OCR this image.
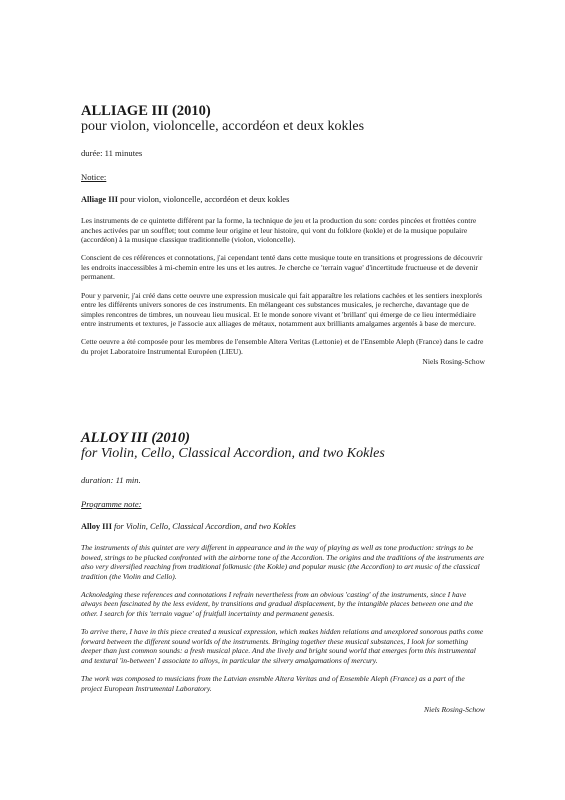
ALLIAGE III (2010)
pour violon, violoncelle, accordéon et deux kokles
durée: 11 minutes
Notice:
Alliage III pour violon, violoncelle, accordéon et deux kokles

Les instruments de ce quintette différent par la forme, la technique de jeu et la production du son: cordes pincées et frottées contre anches activées par un soufflet; tout comme leur origine et leur histoire, qui vont du folklore (kokle) et de la musique populaire (accordéon) à la musique classique traditionnelle (violon, violoncelle).

Conscient de ces références et connotations, j'ai cependant tenté dans cette musique toute en transitions et progressions de découvrir les endroits inaccessibles à mi-chemin entre les uns et les autres. Je cherche ce 'terrain vague' d'incertitude fructueuse et de devenir permanent.

Pour y parvenir, j'ai créé dans cette oeuvre une expression musicale qui fait apparaître les relations cachées et les sentiers inexplorés entre les différents univers sonores de ces instruments. En mélangeant ces substances musicales, je recherche, davantage que de simples rencontres de timbres, un nouveau lieu musical. Et le monde sonore vivant et 'brillant' qui émerge de ce lieu intermédiaire entre instruments et textures, je l'associe aux alliages de métaux, notamment aux brilliants amalgames argentés à base de mercure.

Cette oeuvre a été composée pour les membres de l'ensemble Altera Veritas (Lettonie) et de l'Ensemble Aleph (France) dans le cadre du projet Laboratoire Instrumental Européen (LIEU).

Niels Rosing-Schow
ALLOY III (2010)
for Violin, Cello, Classical Accordion, and two Kokles
duration: 11 min.
Programme note:
Alloy III for Violin, Cello, Classical Accordion, and two Kokles

The instruments of this quintet are very different in appearance and in the way of playing as well as tone production: strings to be bowed, strings to be plucked confronted with the airborne tone of the Accordion. The origins and the traditions of the instruments are also very diversified reaching from traditional folkmusic (the Kokle) and popular music (the Accordion) to art music of the classical tradition (the Violin and Cello).

Acknoledging these references and connotations I refrain nevertheless from an obvious 'casting' of the instruments, since I have always been fascinated by the less evident, by transitions and gradual displacement, by the intangible places between one and the other. I search for this 'terrain vague' of fruitfull incertainty and permanent genesis.

To arrive there, I have in this piece created a musical expression, which makes hidden relations and unexplored sonorous paths come forward between the different sound worlds of the instruments. Bringing together these musical substances, I look for something deeper than just common sounds: a fresh musical place. And the lively and bright sound world that emerges form this instrumental and textural 'in-between' I associate to alloys, in particular the silvery amalgamations of mercury.

The work was composed to musicians from the Latvian ensmble Altera Veritas and of Ensemble Aleph (France) as a part of the project European Instrumental Laboratory.

Niels Rosing-Schow
